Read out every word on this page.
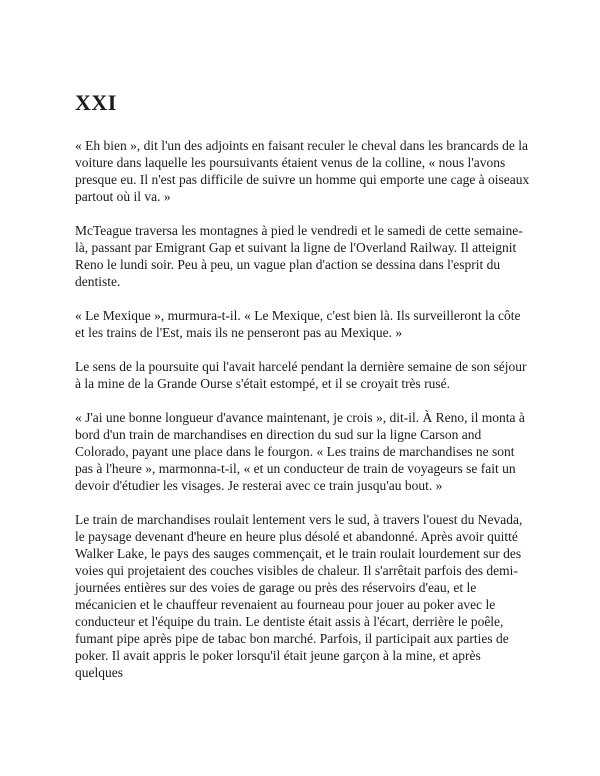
XXI

« Eh bien », dit l'un des adjoints en faisant reculer le cheval dans les brancards de la voiture dans laquelle les poursuivants étaient venus de la colline, « nous l'avons presque eu. Il n'est pas difficile de suivre un homme qui emporte une cage à oiseaux partout où il va. »

McTeague traversa les montagnes à pied le vendredi et le samedi de cette semaine-là, passant par Emigrant Gap et suivant la ligne de l'Overland Railway. Il atteignit Reno le lundi soir. Peu à peu, un vague plan d'action se dessina dans l'esprit du dentiste.

« Le Mexique », murmura-t-il. « Le Mexique, c'est bien là. Ils surveilleront la côte et les trains de l'Est, mais ils ne penseront pas au Mexique. »

Le sens de la poursuite qui l'avait harcelé pendant la dernière semaine de son séjour à la mine de la Grande Ourse s'était estompé, et il se croyait très rusé.

« J'ai une bonne longueur d'avance maintenant, je crois », dit-il. À Reno, il monta à bord d'un train de marchandises en direction du sud sur la ligne Carson and Colorado, payant une place dans le fourgon. « Les trains de marchandises ne sont pas à l'heure », marmonna-t-il, « et un conducteur de train de voyageurs se fait un devoir d'étudier les visages. Je resterai avec ce train jusqu'au bout. »

Le train de marchandises roulait lentement vers le sud, à travers l'ouest du Nevada, le paysage devenant d'heure en heure plus désolé et abandonné. Après avoir quitté Walker Lake, le pays des sauges commençait, et le train roulait lourdement sur des voies qui projetaient des couches visibles de chaleur. Il s'arrêtait parfois des demi-journées entières sur des voies de garage ou près des réservoirs d'eau, et le mécanicien et le chauffeur revenaient au fourneau pour jouer au poker avec le conducteur et l'équipe du train. Le dentiste était assis à l'écart, derrière le poêle, fumant pipe après pipe de tabac bon marché. Parfois, il participait aux parties de poker. Il avait appris le poker lorsqu'il était jeune garçon à la mine, et après quelques
